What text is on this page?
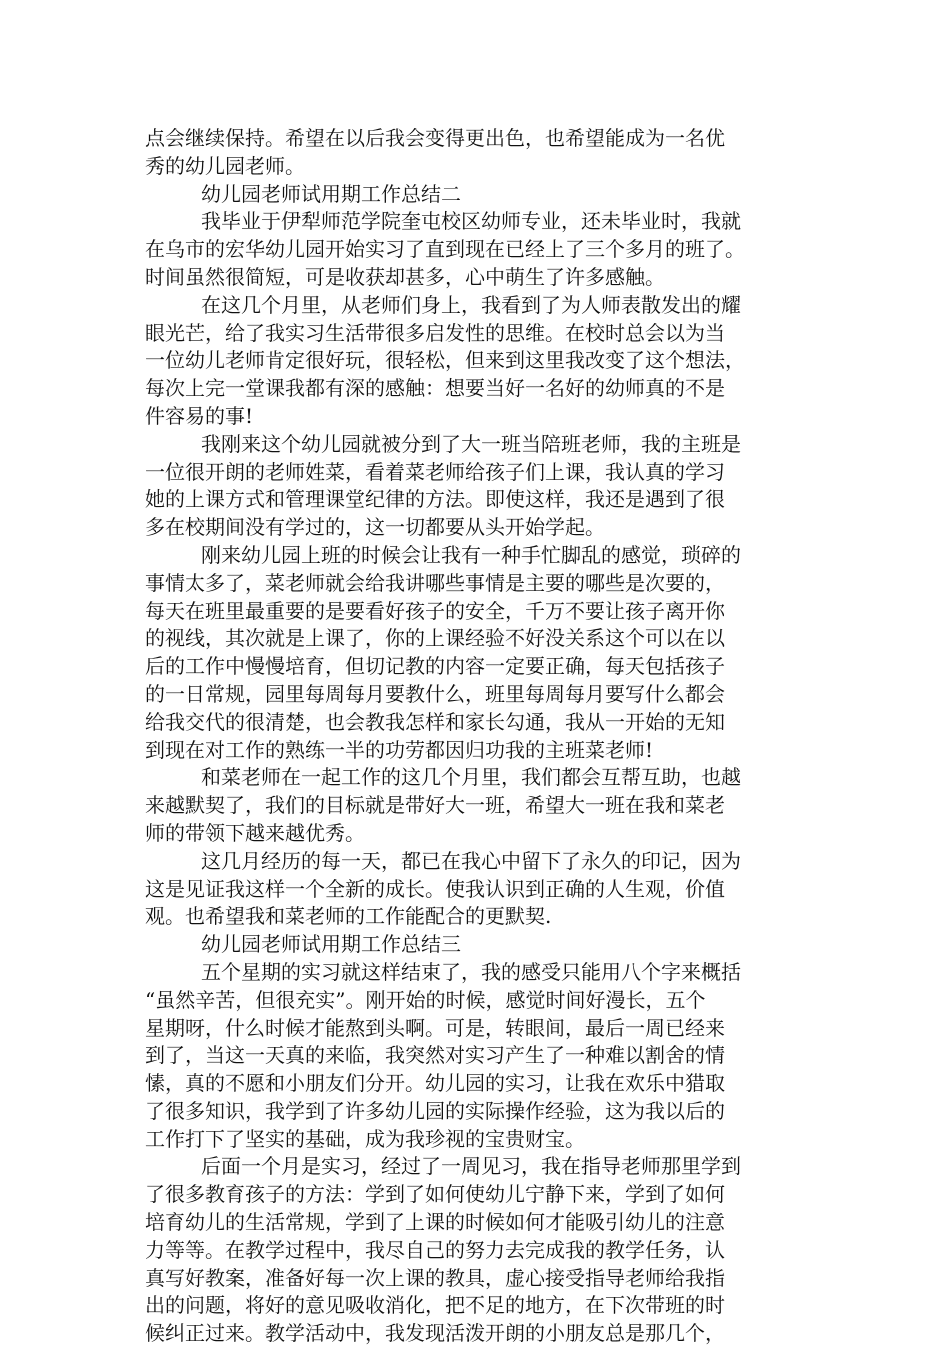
点会继续保持。希望在以后我会变得更出色，也希望能成为一名优
秀的幼儿园老师。
幼儿园老师试用期工作总结二
我毕业于伊犁师范学院奎屯校区幼师专业，还未毕业时，我就
在乌市的宏华幼儿园开始实习了直到现在已经上了三个多月的班了。
时间虽然很简短，可是收获却甚多，心中萌生了许多感触。
在这几个月里，从老师们身上，我看到了为人师表散发出的耀
眼光芒，给了我实习生活带很多启发性的思维。在校时总会以为当
一位幼儿老师肯定很好玩，很轻松，但来到这里我改变了这个想法，
每次上完一堂课我都有深的感触：想要当好一名好的幼师真的不是
件容易的事!
我刚来这个幼儿园就被分到了大一班当陪班老师，我的主班是
一位很开朗的老师姓菜，看着菜老师给孩子们上课，我认真的学习
她的上课方式和管理课堂纪律的方法。即使这样，我还是遇到了很
多在校期间没有学过的，这一切都要从头开始学起。
刚来幼儿园上班的时候会让我有一种手忙脚乱的感觉，琐碎的
事情太多了，菜老师就会给我讲哪些事情是主要的哪些是次要的，
每天在班里最重要的是要看好孩子的安全，千万不要让孩子离开你
的视线，其次就是上课了，你的上课经验不好没关系这个可以在以
后的工作中慢慢培育，但切记教的内容一定要正确，每天包括孩子
的一日常规，园里每周每月要教什么，班里每周每月要写什么都会
给我交代的很清楚，也会教我怎样和家长勾通，我从一开始的无知
到现在对工作的熟练一半的功劳都因归功我的主班菜老师!
和菜老师在一起工作的这几个月里，我们都会互帮互助，也越
来越默契了，我们的目标就是带好大一班，希望大一班在我和菜老
师的带领下越来越优秀。
这几月经历的每一天，都已在我心中留下了永久的印记，因为
这是见证我这样一个全新的成长。使我认识到正确的人生观，价值
观。也希望我和菜老师的工作能配合的更默契.
幼儿园老师试用期工作总结三
五个星期的实习就这样结束了，我的感受只能用八个字来概括
“虽然辛苦，但很充实”。刚开始的时候，感觉时间好漫长，五个
星期呀，什么时候才能熬到头啊。可是，转眼间，最后一周已经来
到了，当这一天真的来临，我突然对实习产生了一种难以割舍的情
愫，真的不愿和小朋友们分开。幼儿园的实习，让我在欢乐中猎取
了很多知识，我学到了许多幼儿园的实际操作经验，这为我以后的
工作打下了坚实的基础，成为我珍视的宝贵财宝。
后面一个月是实习，经过了一周见习，我在指导老师那里学到
了很多教育孩子的方法：学到了如何使幼儿宁静下来，学到了如何
培育幼儿的生活常规，学到了上课的时候如何才能吸引幼儿的注意
力等等。在教学过程中，我尽自己的努力去完成我的教学任务，认
真写好教案，准备好每一次上课的教具，虚心接受指导老师给我指
出的问题，将好的意见吸收消化，把不足的地方，在下次带班的时
候纠正过来。教学活动中，我发现活泼开朗的小朋友总是那几个，
